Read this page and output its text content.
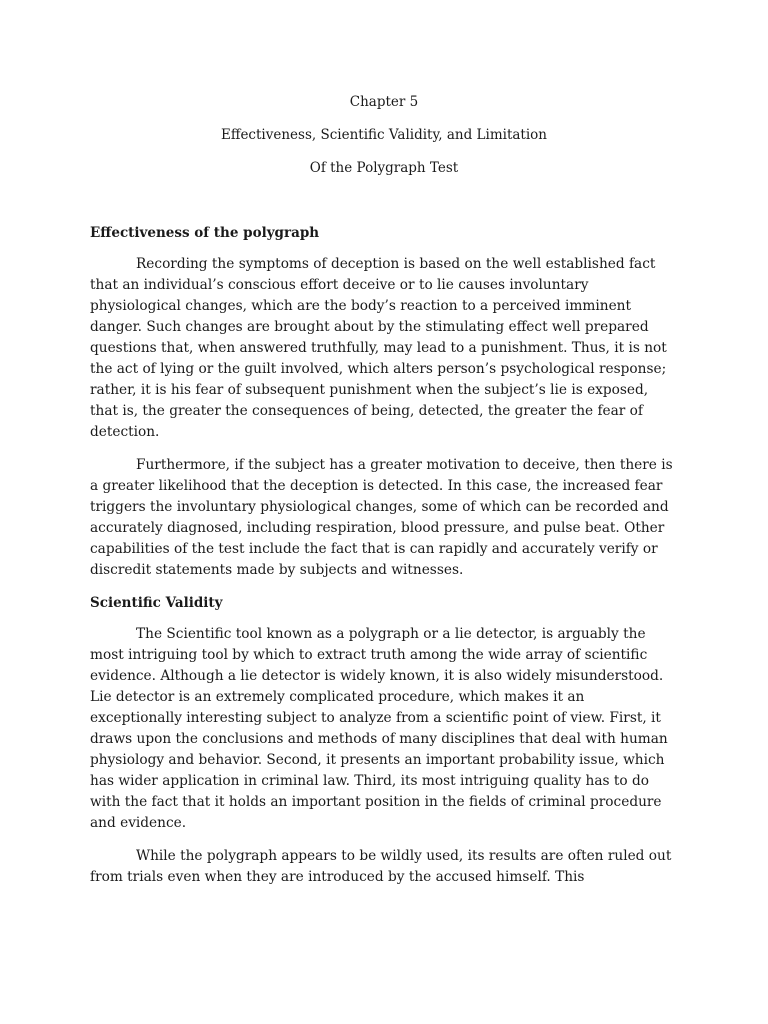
Chapter 5

Effectiveness, Scientific Validity, and Limitation

Of the Polygraph Test

Effectiveness of the polygraph

Recording the symptoms of deception is based on the well established fact that an individual’s conscious effort deceive or to lie causes involuntary physiological changes, which are the body’s reaction to a perceived imminent danger. Such changes are brought about by the stimulating effect well prepared questions that, when answered truthfully, may lead to a punishment. Thus, it is not the act of lying or the guilt involved, which alters person’s psychological response; rather, it is his fear of subsequent punishment when the subject’s lie is exposed, that is, the greater the consequences of being, detected, the greater the fear of detection.

Furthermore, if the subject has a greater motivation to deceive, then there is a greater likelihood that the deception is detected. In this case, the increased fear triggers the involuntary physiological changes, some of which can be recorded and accurately diagnosed, including respiration, blood pressure, and pulse beat. Other capabilities of the test include the fact that is can rapidly and accurately verify or discredit statements made by subjects and witnesses.

Scientific Validity

The Scientific tool known as a polygraph or a lie detector, is arguably the most intriguing tool by which to extract truth among the wide array of scientific evidence. Although a lie detector is widely known, it is also widely misunderstood. Lie detector is an extremely complicated procedure, which makes it an exceptionally interesting subject to analyze from a scientific point of view. First, it draws upon the conclusions and methods of many disciplines that deal with human physiology and behavior. Second, it presents an important probability issue, which has wider application in criminal law. Third, its most intriguing quality has to do with the fact that it holds an important position in the fields of criminal procedure and evidence.

While the polygraph appears to be wildly used, its results are often ruled out from trials even when they are introduced by the accused himself. This
